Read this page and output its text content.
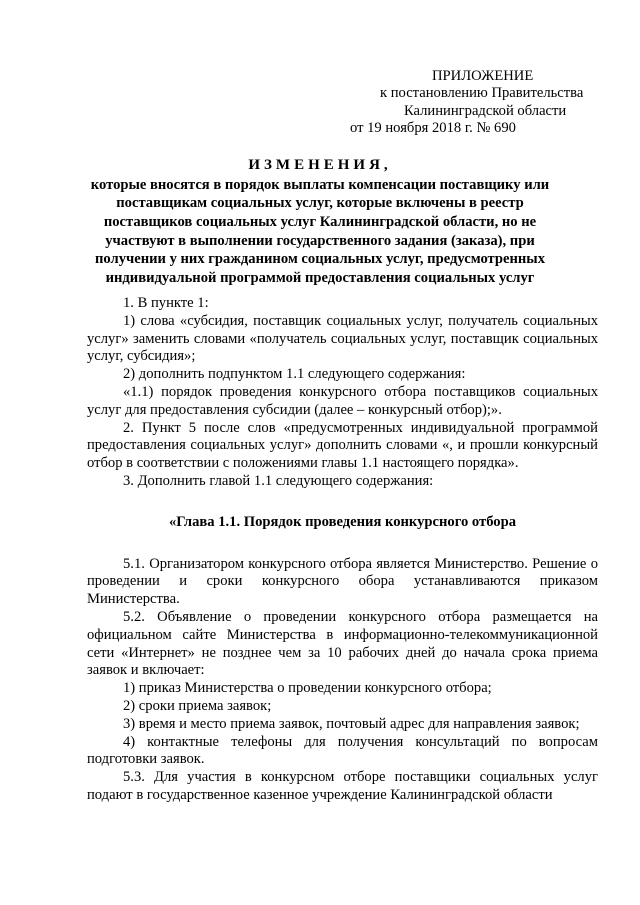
ПРИЛОЖЕНИЕ
к постановлению Правительства
Калининградской области
от 19 ноября 2018 г. № 690
ИЗМЕНЕНИЯ,
которые вносятся в порядок выплаты компенсации поставщику или поставщикам социальных услуг, которые включены в реестр поставщиков социальных услуг Калининградской области, но не участвуют в выполнении государственного задания (заказа), при получении у них гражданином социальных услуг, предусмотренных индивидуальной программой предоставления социальных услуг

1. В пункте 1:

1) слова «субсидия, поставщик социальных услуг, получатель социальных услуг» заменить словами «получатель социальных услуг, поставщик социальных услуг, субсидия»;

2) дополнить подпунктом 1.1 следующего содержания:

«1.1) порядок проведения конкурсного отбора поставщиков социальных услуг для предоставления субсидии (далее – конкурсный отбор);».

2. Пункт 5 после слов «предусмотренных индивидуальной программой предоставления социальных услуг» дополнить словами «, и прошли конкурсный отбор в соответствии с положениями главы 1.1 настоящего порядка».

3. Дополнить главой 1.1 следующего содержания:

«Глава 1.1. Порядок проведения конкурсного отбора

5.1. Организатором конкурсного отбора является Министерство. Решение о проведении и сроки конкурсного обора устанавливаются приказом Министерства.

5.2. Объявление о проведении конкурсного отбора размещается на официальном сайте Министерства в информационно-телекоммуникационной сети «Интернет» не позднее чем за 10 рабочих дней до начала срока приема заявок и включает:

1) приказ Министерства о проведении конкурсного отбора;

2) сроки приема заявок;

3) время и место приема заявок, почтовый адрес для направления заявок;

4) контактные телефоны для получения консультаций по вопросам подготовки заявок.

5.3. Для участия в конкурсном отборе поставщики социальных услуг подают в государственное казенное учреждение Калининградской области
